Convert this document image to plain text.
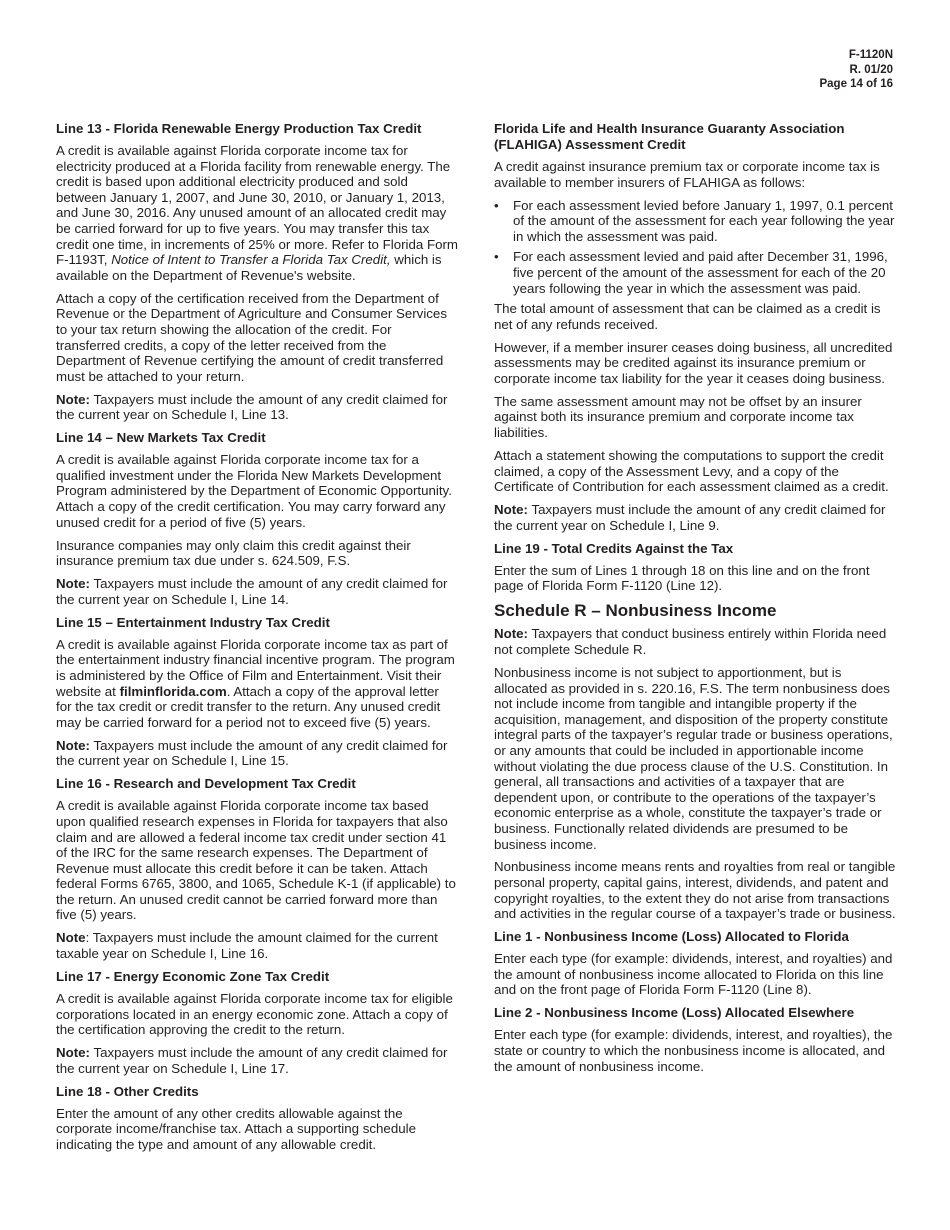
F-1120N
R. 01/20
Page 14 of 16
Line 13 - Florida Renewable Energy Production Tax Credit

A credit is available against Florida corporate income tax for electricity produced at a Florida facility from renewable energy. The credit is based upon additional electricity produced and sold between January 1, 2007, and June 30, 2010, or January 1, 2013, and June 30, 2016. Any unused amount of an allocated credit may be carried forward for up to five years. You may transfer this tax credit one time, in increments of 25% or more. Refer to Florida Form F-1193T, Notice of Intent to Transfer a Florida Tax Credit, which is available on the Department of Revenue's website.

Attach a copy of the certification received from the Department of Revenue or the Department of Agriculture and Consumer Services to your tax return showing the allocation of the credit. For transferred credits, a copy of the letter received from the Department of Revenue certifying the amount of credit transferred must be attached to your return.

Note: Taxpayers must include the amount of any credit claimed for the current year on Schedule I, Line 13.

Line 14 – New Markets Tax Credit

A credit is available against Florida corporate income tax for a qualified investment under the Florida New Markets Development Program administered by the Department of Economic Opportunity. Attach a copy of the credit certification. You may carry forward any unused credit for a period of five (5) years.

Insurance companies may only claim this credit against their insurance premium tax due under s. 624.509, F.S.

Note: Taxpayers must include the amount of any credit claimed for the current year on Schedule I, Line 14.

Line 15 – Entertainment Industry Tax Credit

A credit is available against Florida corporate income tax as part of the entertainment industry financial incentive program. The program is administered by the Office of Film and Entertainment. Visit their website at filminflorida.com. Attach a copy of the approval letter for the tax credit or credit transfer to the return. Any unused credit may be carried forward for a period not to exceed five (5) years.

Note: Taxpayers must include the amount of any credit claimed for the current year on Schedule I, Line 15.

Line 16 - Research and Development Tax Credit

A credit is available against Florida corporate income tax based upon qualified research expenses in Florida for taxpayers that also claim and are allowed a federal income tax credit under section 41 of the IRC for the same research expenses. The Department of Revenue must allocate this credit before it can be taken. Attach federal Forms 6765, 3800, and 1065, Schedule K-1 (if applicable) to the return. An unused credit cannot be carried forward more than five (5) years.

Note: Taxpayers must include the amount claimed for the current taxable year on Schedule I, Line 16.

Line 17 - Energy Economic Zone Tax Credit

A credit is available against Florida corporate income tax for eligible corporations located in an energy economic zone. Attach a copy of the certification approving the credit to the return.

Note: Taxpayers must include the amount of any credit claimed for the current year on Schedule I, Line 17.

Line 18 - Other Credits

Enter the amount of any other credits allowable against the corporate income/franchise tax. Attach a supporting schedule indicating the type and amount of any allowable credit.

Florida Life and Health Insurance Guaranty Association (FLAHIGA) Assessment Credit

A credit against insurance premium tax or corporate income tax is available to member insurers of FLAHIGA as follows:

• For each assessment levied before January 1, 1997, 0.1 percent of the amount of the assessment for each year following the year in which the assessment was paid.
• For each assessment levied and paid after December 31, 1996, five percent of the amount of the assessment for each of the 20 years following the year in which the assessment was paid.

The total amount of assessment that can be claimed as a credit is net of any refunds received.

However, if a member insurer ceases doing business, all uncredited assessments may be credited against its insurance premium or corporate income tax liability for the year it ceases doing business.

The same assessment amount may not be offset by an insurer against both its insurance premium and corporate income tax liabilities.

Attach a statement showing the computations to support the credit claimed, a copy of the Assessment Levy, and a copy of the Certificate of Contribution for each assessment claimed as a credit.

Note: Taxpayers must include the amount of any credit claimed for the current year on Schedule I, Line 9.

Line 19 - Total Credits Against the Tax

Enter the sum of Lines 1 through 18 on this line and on the front page of Florida Form F-1120 (Line 12).

Schedule R – Nonbusiness Income

Note: Taxpayers that conduct business entirely within Florida need not complete Schedule R.

Nonbusiness income is not subject to apportionment, but is allocated as provided in s. 220.16, F.S. The term nonbusiness does not include income from tangible and intangible property if the acquisition, management, and disposition of the property constitute integral parts of the taxpayer’s regular trade or business operations, or any amounts that could be included in apportionable income without violating the due process clause of the U.S. Constitution. In general, all transactions and activities of a taxpayer that are dependent upon, or contribute to the operations of the taxpayer’s economic enterprise as a whole, constitute the taxpayer’s trade or business. Functionally related dividends are presumed to be business income.

Nonbusiness income means rents and royalties from real or tangible personal property, capital gains, interest, dividends, and patent and copyright royalties, to the extent they do not arise from transactions and activities in the regular course of a taxpayer’s trade or business.

Line 1 - Nonbusiness Income (Loss) Allocated to Florida

Enter each type (for example: dividends, interest, and royalties) and the amount of nonbusiness income allocated to Florida on this line and on the front page of Florida Form F-1120 (Line 8).

Line 2 - Nonbusiness Income (Loss) Allocated Elsewhere

Enter each type (for example: dividends, interest, and royalties), the state or country to which the nonbusiness income is allocated, and the amount of nonbusiness income.
